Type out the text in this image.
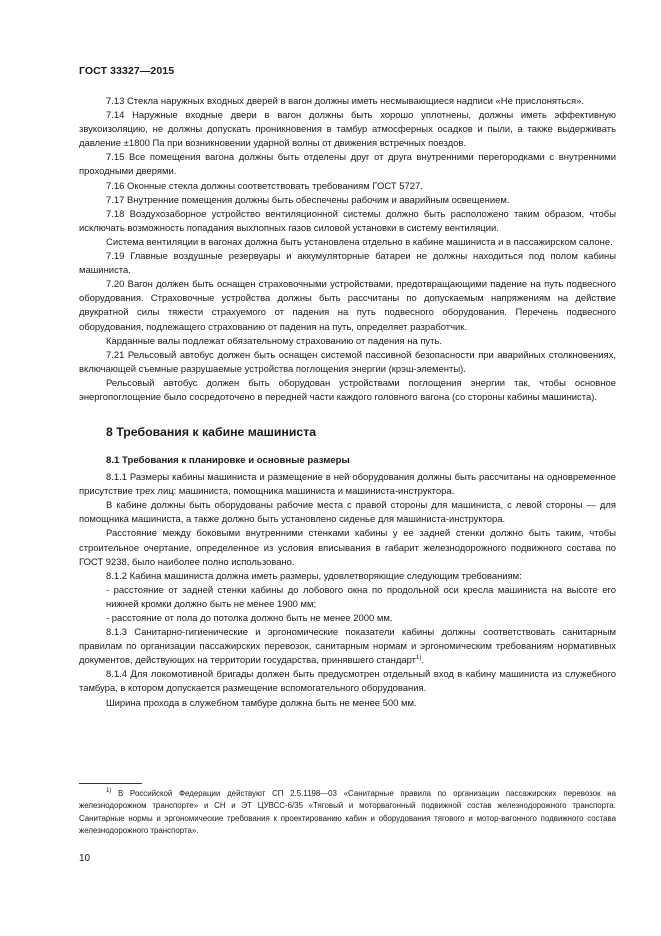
ГОСТ 33327—2015

7.13 Стекла наружных входных дверей в вагон должны иметь несмывающиеся надписи «Не прислоняться».

7.14 Наружные входные двери в вагон должны быть хорошо уплотнены, должны иметь эффективную звукоизоляцию, не должны допускать проникновения в тамбур атмосферных осадков и пыли, а также выдерживать давление ±1800 Па при возникновении ударной волны от движения встречных поездов.

7.15 Все помещения вагона должны быть отделены друг от друга внутренними перегородками с внутренними проходными дверями.

7.16 Оконные стекла должны соответствовать требованиям ГОСТ 5727.

7.17 Внутренние помещения должны быть обеспечены рабочим и аварийным освещением.

7.18 Воздухозаборное устройство вентиляционной системы должно быть расположено таким образом, чтобы исключать возможность попадания выхлопных газов силовой установки в систему вентиляции.

Система вентиляции в вагонах должна быть установлена отдельно в кабине машиниста и в пассажирском салоне.

7.19 Главные воздушные резервуары и аккумуляторные батареи не должны находиться под полом кабины машиниста.

7.20 Вагон должен быть оснащен страховочными устройствами, предотвращающими падение на путь подвесного оборудования. Страховочные устройства должны быть рассчитаны по допускаемым напряжениям на действие двукратной силы тяжести страхуемого от падения на путь подвесного оборудования. Перечень подвесного оборудования, подлежащего страхованию от падения на путь, определяет разработчик.

Карданные валы подлежат обязательному страхованию от падения на путь.

7.21 Рельсовый автобус должен быть оснащен системой пассивной безопасности при аварийных столкновениях, включающей съемные разрушаемые устройства поглощения энергии (крэш-элементы).

Рельсовый автобус должен быть оборудован устройствами поглощения энергии так, чтобы основное энергопоглощение было сосредоточено в передней части каждого головного вагона (со стороны кабины машиниста).

8 Требования к кабине машиниста
8.1 Требования к планировке и основные размеры

8.1.1 Размеры кабины машиниста и размещение в ней оборудования должны быть рассчитаны на одновременное присутствие трех лиц: машиниста, помощника машиниста и машиниста-инструктора.

В кабине должны быть оборудованы рабочие места с правой стороны для машиниста, с левой стороны — для помощника машиниста, а также должно быть установлено сиденье для машиниста-инструктора.

Расстояние между боковыми внутренними стенками кабины у ее задней стенки должно быть таким, чтобы строительное очертание, определенное из условия вписывания в габарит железнодорожного подвижного состава по ГОСТ 9238, было наиболее полно использовано.

8.1.2 Кабина машиниста должна иметь размеры, удовлетворяющие следующим требованиям:

- расстояние от задней стенки кабины до лобового окна по продольной оси кресла машиниста на высоте его нижней кромки должно быть не менее 1900 мм;

- расстояние от пола до потолка должно быть не менее 2000 мм.

8.1.3 Санитарно-гигиенические и эргономические показатели кабины должны соответствовать санитарным правилам по организации пассажирских перевозок, санитарным нормам и эргономическим требованиям нормативных документов, действующих на территории государства, принявшего стандарт$^{1)}$.

8.1.4 Для локомотивной бригады должен быть предусмотрен отдельный вход в кабину машиниста из служебного тамбура, в котором допускается размещение вспомогательного оборудования.

Ширина прохода в служебном тамбуре должна быть не менее 500 мм.

$^{1)}$ В Российской Федерации действуют СП 2.5.1198—03 «Санитарные правила по организации пассажирских перевозок на железнодорожном транспорте» и СН и ЭТ ЦУВСС-6/35 «Тяговый и моторвагонный подвижной состав железнодорожного транспорта. Санитарные нормы и эргономические требования к проектированию кабин и оборудования тягового и мотор-вагонного подвижного состава железнодорожного транспорта».
10
